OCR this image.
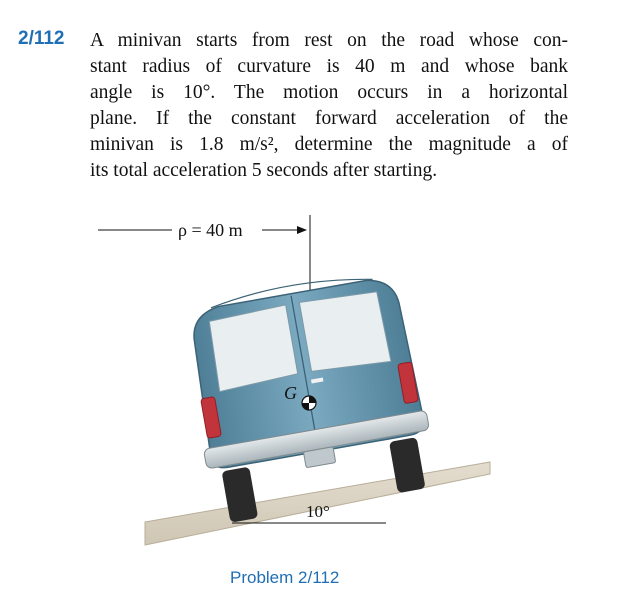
2/112 A minivan starts from rest on the road whose con-
stant radius of curvature is 40 m and whose bank
angle is 10°. The motion occurs in a horizontal
plane. If the constant forward acceleration of the
minivan is 1.8 m/s², determine the magnitude a of
its total acceleration 5 seconds after starting.
ρ = 40 m
10°
G
Problem 2/112
